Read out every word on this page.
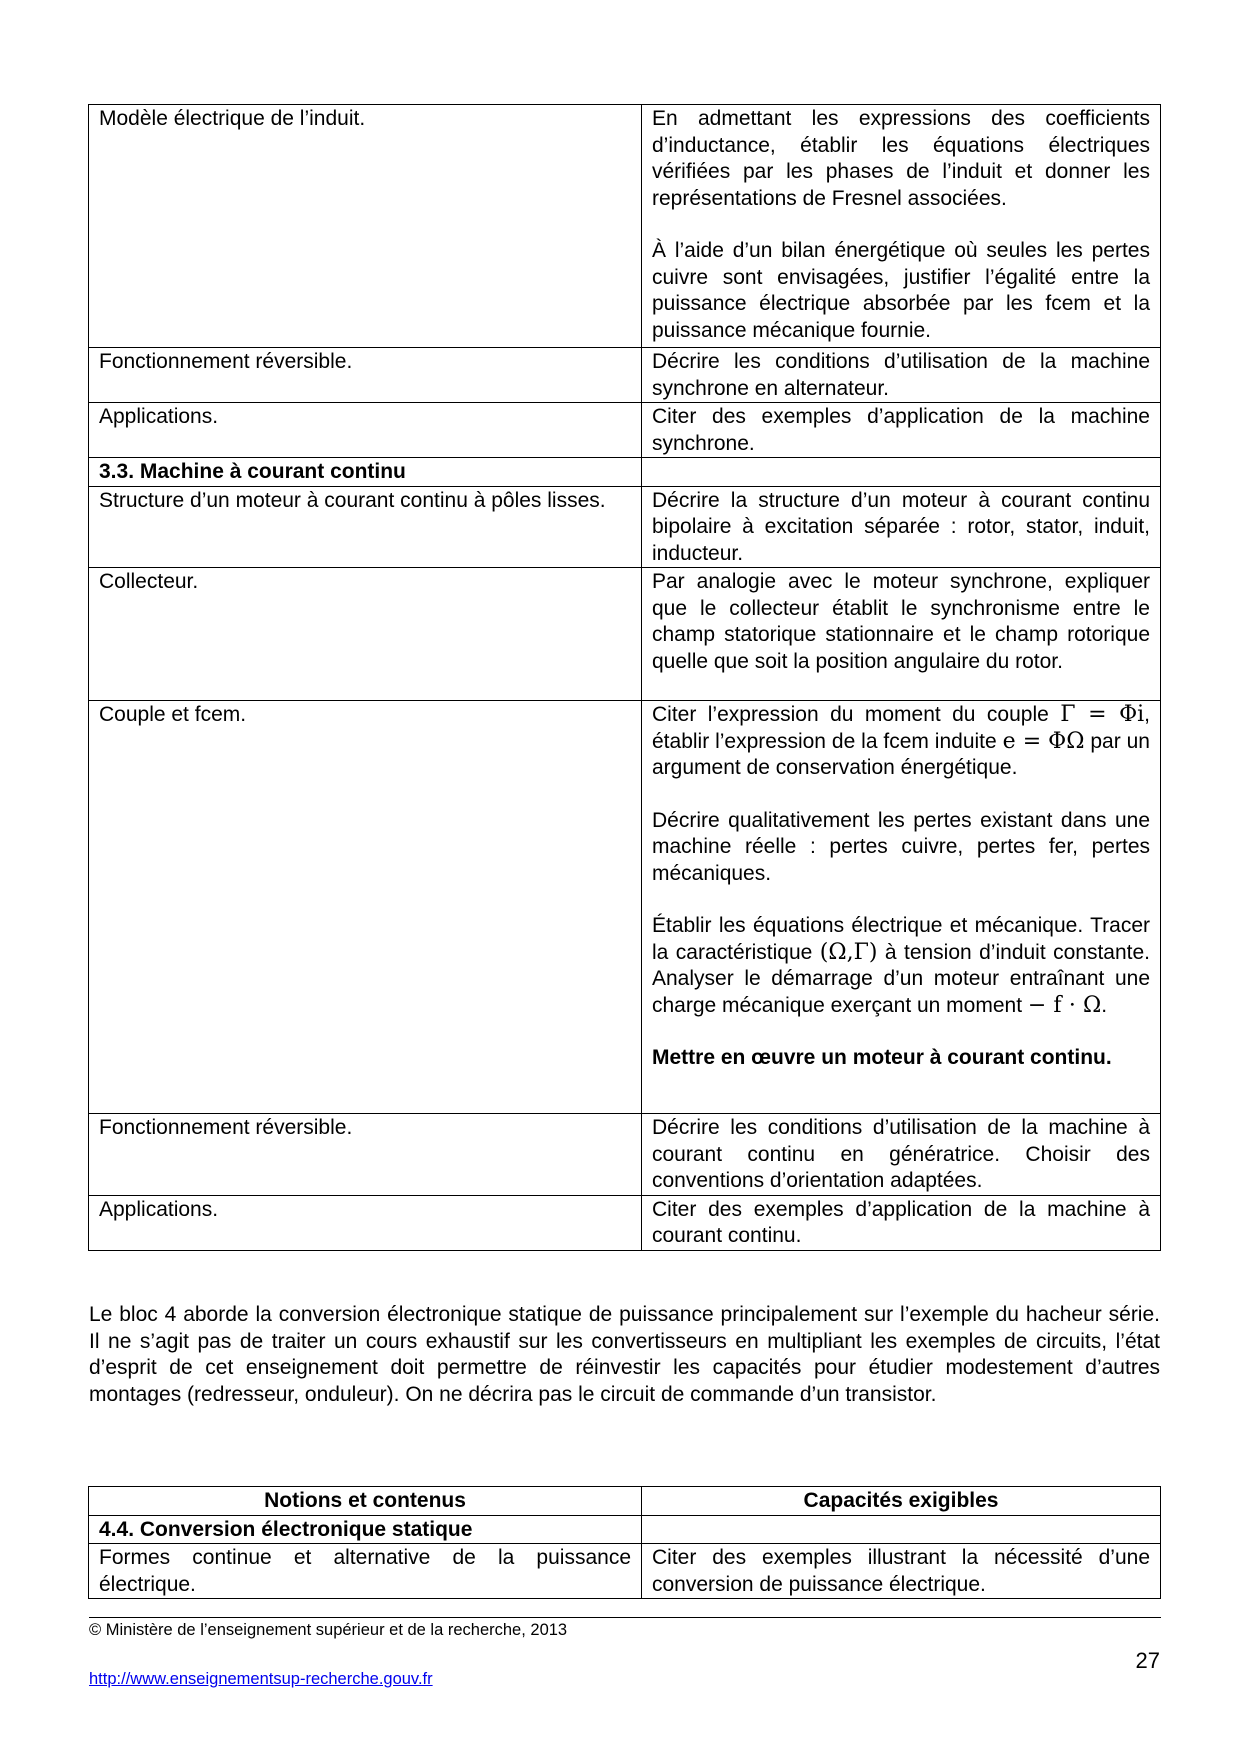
Modèle électrique de l’induit.	En admettant les expressions des coefficients d’inductance, établir les équations électriques vérifiées par les phases de l’induit et donner les représentations de Fresnel associées.

À l’aide d’un bilan énergétique où seules les pertes cuivre sont envisagées, justifier l’égalité entre la puissance électrique absorbée par les fcem et la puissance mécanique fournie.

Fonctionnement réversible.	Décrire les conditions d’utilisation de la machine synchrone en alternateur.
Applications.	Citer des exemples d’application de la machine synchrone.
3.3. Machine à courant continu	
Structure d’un moteur à courant continu à pôles lisses.	Décrire la structure d’un moteur à courant continu bipolaire à excitation séparée : rotor, stator, induit, inducteur.
Collecteur.	Par analogie avec le moteur synchrone, expliquer que le collecteur établit le synchronisme entre le champ statorique stationnaire et le champ rotorique quelle que soit la position angulaire du rotor.
Couple et fcem.	Citer l’expression du moment du couple Γ = Φi, établir l’expression de la fcem induite e = ΦΩ par un argument de conservation énergétique.

Décrire qualitativement les pertes existant dans une machine réelle : pertes cuivre, pertes fer, pertes mécaniques.

Établir les équations électrique et mécanique. Tracer la caractéristique (Ω,Γ) à tension d’induit constante. Analyser le démarrage d’un moteur entraînant une charge mécanique exerçant un moment − f ⋅ Ω.

Mettre en œuvre un moteur à courant continu.

Fonctionnement réversible.	Décrire les conditions d’utilisation de la machine à courant continu en génératrice. Choisir des conventions d’orientation adaptées.
Applications.	Citer des exemples d’application de la machine à courant continu.

Le bloc 4 aborde la conversion électronique statique de puissance principalement sur l’exemple du hacheur série. Il ne s’agit pas de traiter un cours exhaustif sur les convertisseurs en multipliant les exemples de circuits, l’état d’esprit de cet enseignement doit permettre de réinvestir les capacités pour étudier modestement d’autres montages (redresseur, onduleur). On ne décrira pas le circuit de commande d’un transistor.

Notions et contenus	Capacités exigibles
4.4. Conversion électronique statique	
Formes continue et alternative de la puissance électrique.	Citer des exemples illustrant la nécessité d’une conversion de puissance électrique.
© Ministère de l’enseignement supérieur et de la recherche, 2013
27
http://www.enseignementsup-recherche.gouv.fr
